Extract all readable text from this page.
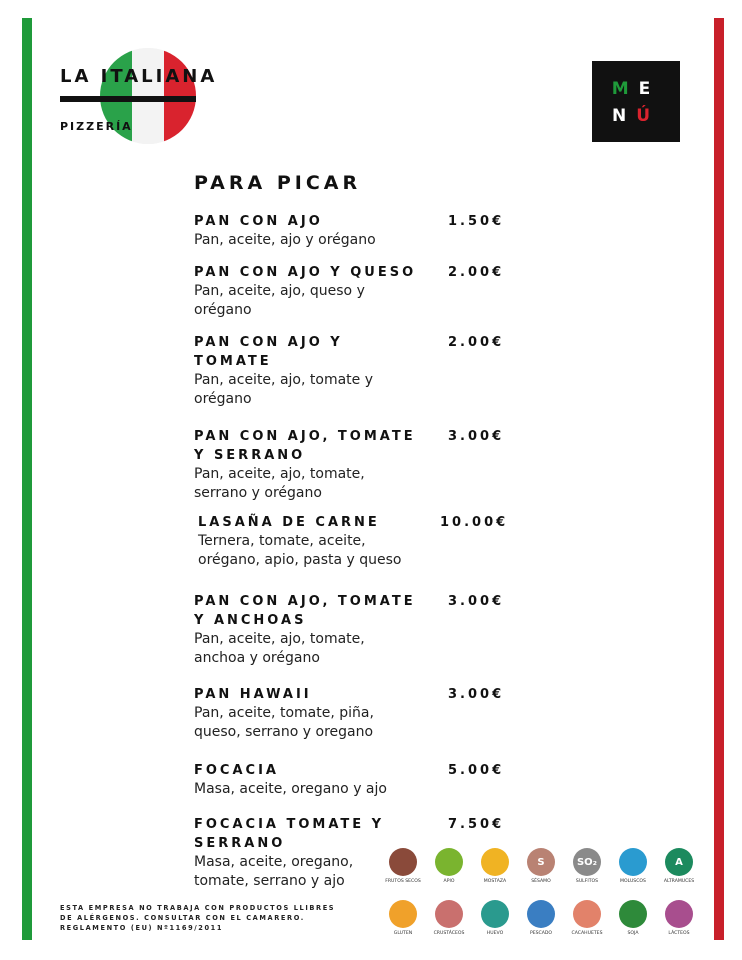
LA ITALIANA
PIZZERÍA
ME
NÚ
PARA PICAR
PAN CON AJO
Pan, aceite, ajo y orégano
1.50€
PAN CON AJO Y QUESO
Pan, aceite, ajo, queso y orégano
2.00€
PAN CON AJO Y TOMATE
Pan, aceite, ajo, tomate y orégano
2.00€
PAN CON AJO, TOMATE Y SERRANO
Pan, aceite, ajo, tomate, serrano y orégano
3.00€
LASAÑA DE CARNE
Ternera, tomate, aceite, orégano, apio, pasta y queso
10.00€
PAN CON AJO, TOMATE Y ANCHOAS
Pan, aceite, ajo, tomate, anchoa y orégano
3.00€
PAN HAWAII
Pan, aceite, tomate, piña, queso, serrano y oregano
3.00€
FOCACIA
Masa, aceite, oregano y ajo
5.00€
FOCACIA TOMATE Y SERRANO
Masa, aceite, oregano, tomate, serrano y ajo
7.50€
ESTA EMPRESA NO TRABAJA CON PRODUCTOS LLIBRES DE ALÉRGENOS. CONSULTAR CON EL CAMARERO. REGLAMENTO (EU) Nº1169/2011
FRUTOS SECOS	APIO	MOSTAZA
S
SÉSAMO
SO₂
SULFITOS	MOLUSCOS
A
ALTRAMUCES
GLUTEN	CRUSTÁCEOS	HUEVO	PESCADO	CACAHUETES	SOJA	LÁCTEOS
